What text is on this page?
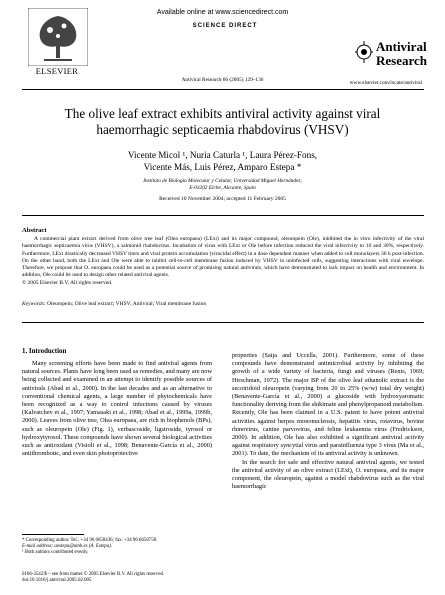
ELSEVIER
Available online at www.sciencedirect.com
SCIENCE DIRECT
Antiviral Research 66 (2005) 129–136
Antiviral
Research
www.elsevier.com/locate/antiviral
The olive leaf extract exhibits antiviral activity against viral haemorrhagic septicaemia rhabdovirus (VHSV)
Vicente Micol ¹, Nuria Caturla ¹, Laura Pérez-Fons,
Vicente Más, Luis Pérez, Amparo Estepa *
Instituto de Biología Molecular y Celular, Universidad Miguel Hernández,
E-03202 Elche, Alicante, Spain
Received 10 November 2004; accepted 11 February 2005
Abstract
A commercial plant extract derived from olive tree leaf (Olea europaea) (LExt) and its major compound, oleuropein (Ole), inhibited the in vitro infectivity of the viral haemorrhagic septicaemia virus (VHSV), a salmonid rhabdovirus. Incubation of virus with LExt or Ole before infection reduced the viral infectivity to 10 and 30%, respectively. Furthermore, LExt drastically decreased VHSV titers and viral protein accumulation (virucidal effect) in a dose dependent manner when added to cell monolayers 36 h post-infection. On the other hand, both the LExt and Ole were able to inhibit cell-to-cell membrane fusion induced by VHSV in uninfected cells, suggesting interactions with viral envelope. Therefore, we propose that O. europaea could be used as a potential source of promising natural antivirals, which have demonstrated to lack impact on health and environment. In addition, Ole could be used to design other related antiviral agents.
© 2005 Elsevier B.V. All rights reserved.
Keywords: Oleuropein; Olive leaf extract; VHSV; Antiviral; Viral membrane fusion
1. Introduction
Many screening efforts have been made to find antiviral agents from natural sources. Plants have long been used as remedies, and many are now being collected and examined in an attempt to identify possible sources of antivirals (Abad et al., 2000). In the last decades and as an alternative to conventional chemical agents, a large number of phytochemicals have been recognized as a way to control infections caused by viruses (Kalvatchev et al., 1997; Yamasaki et al., 1998; Abad et al., 1999a, 1999b, 2000). Leaves from olive tree, Olea europaea, are rich in biophenols (BPs), such as oleuropein (Ole) (Fig. 1), verbascoside, ligstroside, tyrosol or hydroxytyrosol. These compounds have shown several biological activities such as antioxidant (Visioli et al., 1998; Benavente-García et al., 2000) antithrombotic, and even skin photoprotective

properties (Saija and Uccella, 2001). Furthermore, some of these compounds have demonstrated antimicrobial activity by inhibiting the growth of a wide variety of bacteria, fungi and viruses (Renis, 1969; Hirschman, 1972). The major BP of the olive leaf ethanolic extract is the secoiridoid oleuropein (varying from 20 to 25% (w/w) total dry weight) (Benavente-García et al., 2000) a glucoside with hydroxyaromatic functionality deriving from the shikimate and phenylpropanoid metabolism. Recently, Ole has been claimed in a U.S. patent to have potent antiviral activities against herpes mononucleosis, hepatitis virus, rotavirus, bovine rhinovirus, canine parvovirus, and feline leukaemia virus (Fredrickson, 2000). In addition, Ole has also exhibited a significant antiviral activity against respiratory syncytial virus and parainfluenza type 3 virus (Ma et al., 2001). To date, the mechanism of its antiviral activity is unknown.

In the search for safe and effective natural antiviral agents, we tested the antiviral activity of an olive extract (LExt), O. europaea, and its major component, the oleuropein, against a model rhabdovirus such as the viral haemorrhagic

* Corresponding author. Tel.: +34 96 6658436; fax: +34 96 6658758.
E-mail address: aestepa@umh.es (A. Estepa).
¹ Both authors contributed evenly.
0166-3542/$ – see front matter © 2005 Elsevier B.V. All rights reserved.
doi:10.1016/j.antiviral.2005.02.005
